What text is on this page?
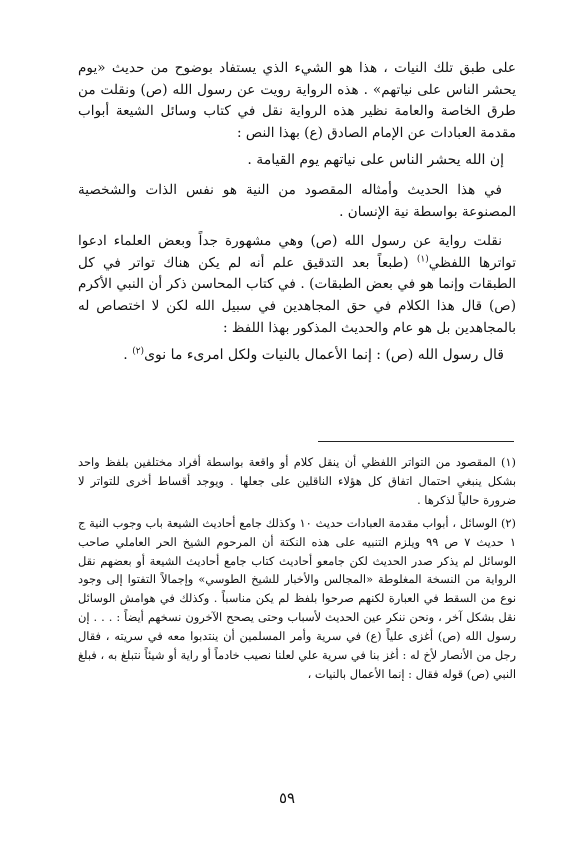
على طبق تلك النيات ، هذا هو الشيء الذي يستفاد بوضوح من حديث «يوم يحشر الناس على نياتهم» . هذه الرواية رويت عن رسول الله (ص) ونقلت من طرق الخاصة والعامة نظير هذه الرواية نقل في كتاب وسائل الشيعة أبواب مقدمة العبادات عن الإمام الصادق (ع) بهذا النص :

إن الله يحشر الناس على نياتهم يوم القيامة .

في هذا الحديث وأمثاله المقصود من النية هو نفس الذات والشخصية المصنوعة بواسطة نية الإنسان .

نقلت رواية عن رسول الله (ص) وهي مشهورة جداً وبعض العلماء ادعوا تواترها اللفظي$^{(١)}$ (طبعاً بعد التدقيق علم أنه لم يكن هناك تواتر في كل الطبقات وإنما هو في بعض الطبقات) . في كتاب المحاسن ذكر أن النبي الأكرم (ص) قال هذا الكلام في حق المجاهدين في سبيل الله لكن لا اختصاص له بالمجاهدين بل هو عام والحديث المذكور بهذا اللفظ :

قال رسول الله (ص) : إنما الأعمال بالنيات ولكل امرىء ما نوى$^{(٢)}$ .

(١) المقصود من التواتر اللفظي أن ينقل كلام أو واقعة بواسطة أفراد مختلفين بلفظ واحد بشكل ينبغي احتمال اتفاق كل هؤلاء الناقلين على جعلها . ويوجد أقساط أخرى للتواتر لا ضرورة حالياً لذكرها .

(٢) الوسائل ، أبواب مقدمة العبادات حديث ١٠ وكذلك جامع أحاديث الشيعة باب وجوب النية ج ١ حديث ٧ ص ٩٩ ويلزم التنبيه على هذه النكتة أن المرحوم الشيخ الحر العاملي صاحب الوسائل لم يذكر صدر الحديث لكن جامعو أحاديث كتاب جامع أحاديث الشيعة أو بعضهم نقل الرواية من النسخة المغلوطة «المجالس والأخبار للشيخ الطوسي» وإجمالاً التفتوا إلى وجود نوع من السقط في العبارة لكنهم صرحوا بلفظ لم يكن مناسباً . وكذلك في هوامش الوسائل نقل بشكل آخر ، ونحن ننكر عين الحديث لأسباب وحتى يصحح الآخرون نسخهم أيضاً : . . . إن رسول الله (ص) أغزى علياً (ع) في سرية وأمر المسلمين أن ينتدبوا معه في سريته ، فقال رجل من الأنصار لأخ له : أغز بنا في سرية علي لعلنا نصيب خادماً أو راية أو شيئاً نتبلغ به ، فبلغ النبي (ص) قوله فقال : إنما الأعمال بالنيات ،

٥٩
